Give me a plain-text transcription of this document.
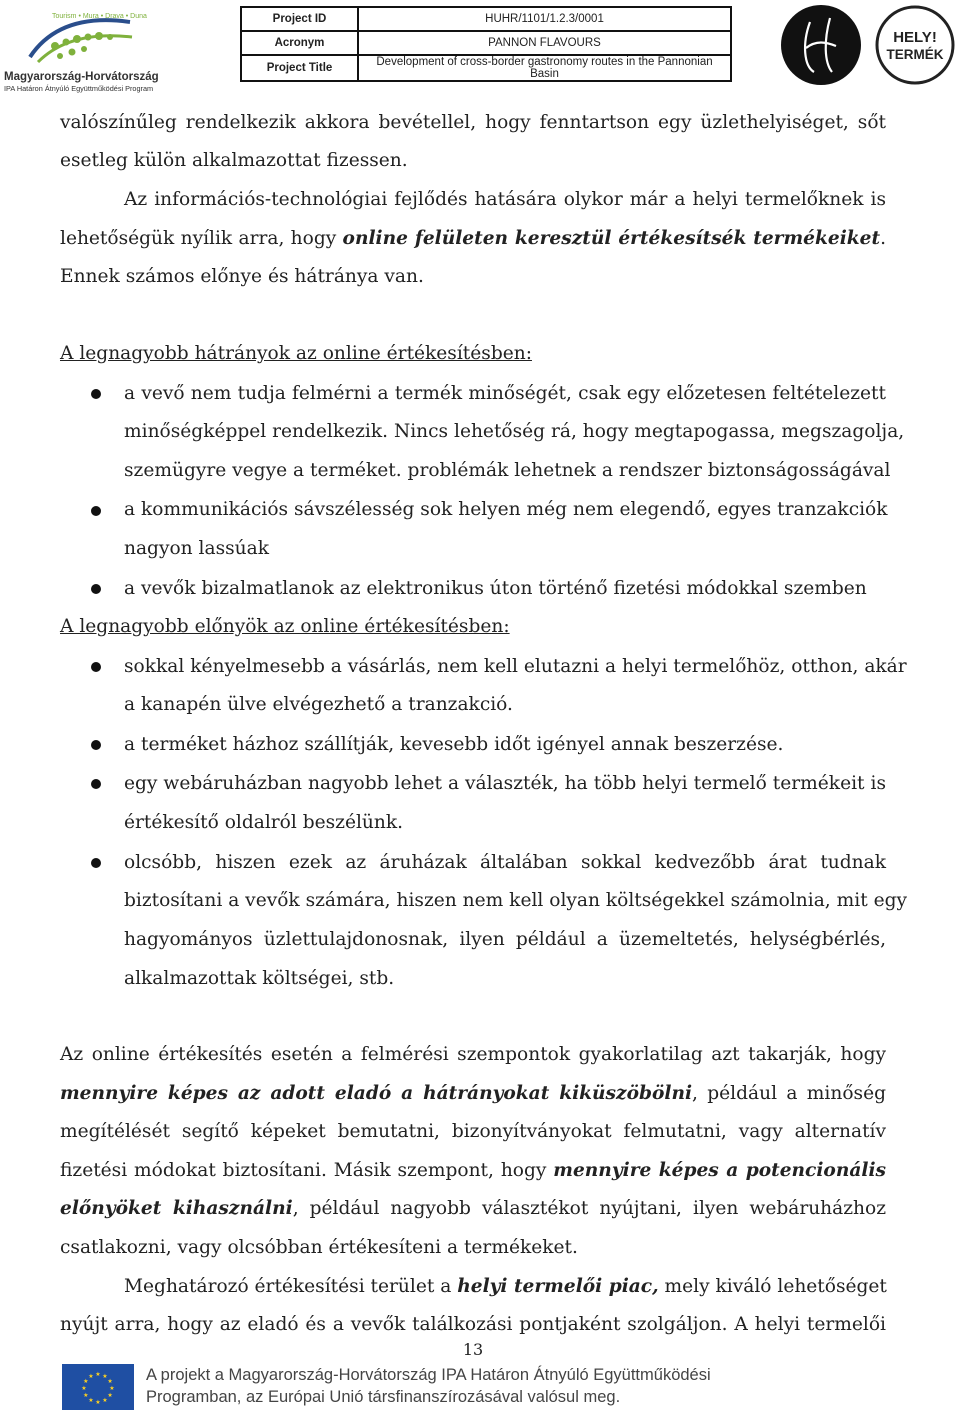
Tourism • Mura • Drava • Duna
Magyarország-Horvátország
IPA Határon Átnyúló Együttműködési Program
Project ID	HUHR/1101/1.2.3/0001
Acronym	PANNON FLAVOURS
Project Title	Development of cross-border gastronomy routes in the Pannonian Basin
HELY!
TERMÉK
valószínűleg rendelkezik akkora bevétellel, hogy fenntartson egy üzlethelyiséget, sőt
esetleg külön alkalmazottat fizessen.
Az információs-technológiai fejlődés hatására olykor már a helyi termelőknek is
lehetőségük nyílik arra, hogy online felületen keresztül értékesítsék termékeiket.
Ennek számos előnye és hátránya van.
A legnagyobb hátrányok az online értékesítésben:
a vevő nem tudja felmérni a termék minőségét, csak egy előzetesen feltételezett
minőségképpel rendelkezik. Nincs lehetőség rá, hogy megtapogassa, megszagolja,
szemügyre vegye a terméket. problémák lehetnek a rendszer biztonságosságával
a kommunikációs sávszélesség sok helyen még nem elegendő, egyes tranzakciók
nagyon lassúak
a vevők bizalmatlanok az elektronikus úton történő fizetési módokkal szemben
A legnagyobb előnyök az online értékesítésben:
sokkal kényelmesebb a vásárlás, nem kell elutazni a helyi termelőhöz, otthon, akár
a kanapén ülve elvégezhető a tranzakció.
a terméket házhoz szállítják, kevesebb időt igényel annak beszerzése.
egy webáruházban nagyobb lehet a választék, ha több helyi termelő termékeit is
értékesítő oldalról beszélünk.
olcsóbb, hiszen ezek az áruházak általában sokkal kedvezőbb árat tudnak
biztosítani a vevők számára, hiszen nem kell olyan költségekkel számolnia, mit egy
hagyományos üzlettulajdonosnak, ilyen például a üzemeltetés, helységbérlés,
alkalmazottak költségei, stb.
Az online értékesítés esetén a felmérési szempontok gyakorlatilag azt takarják, hogy
mennyire képes az adott eladó a hátrányokat kiküszöbölni, például a minőség
megítélését segítő képeket bemutatni, bizonyítványokat felmutatni, vagy alternatív
fizetési módokat biztosítani. Másik szempont, hogy mennyire képes a potencionális
előnyöket kihasználni, például nagyobb választékot nyújtani, ilyen webáruházhoz
csatlakozni, vagy olcsóbban értékesíteni a termékeket.
Meghatározó értékesítési terület a helyi termelői piac, mely kiváló lehetőséget
nyújt arra, hogy az eladó és a vevők találkozási pontjaként szolgáljon. A helyi termelői
13
★
★
★
★
★
★
★
★
★ ★ ★
★ A projekt a Magyarország-Horvátország IPA Határon Átnyúló Együttműködési
Programban, az Európai Unió társfinanszírozásával valósul meg.
